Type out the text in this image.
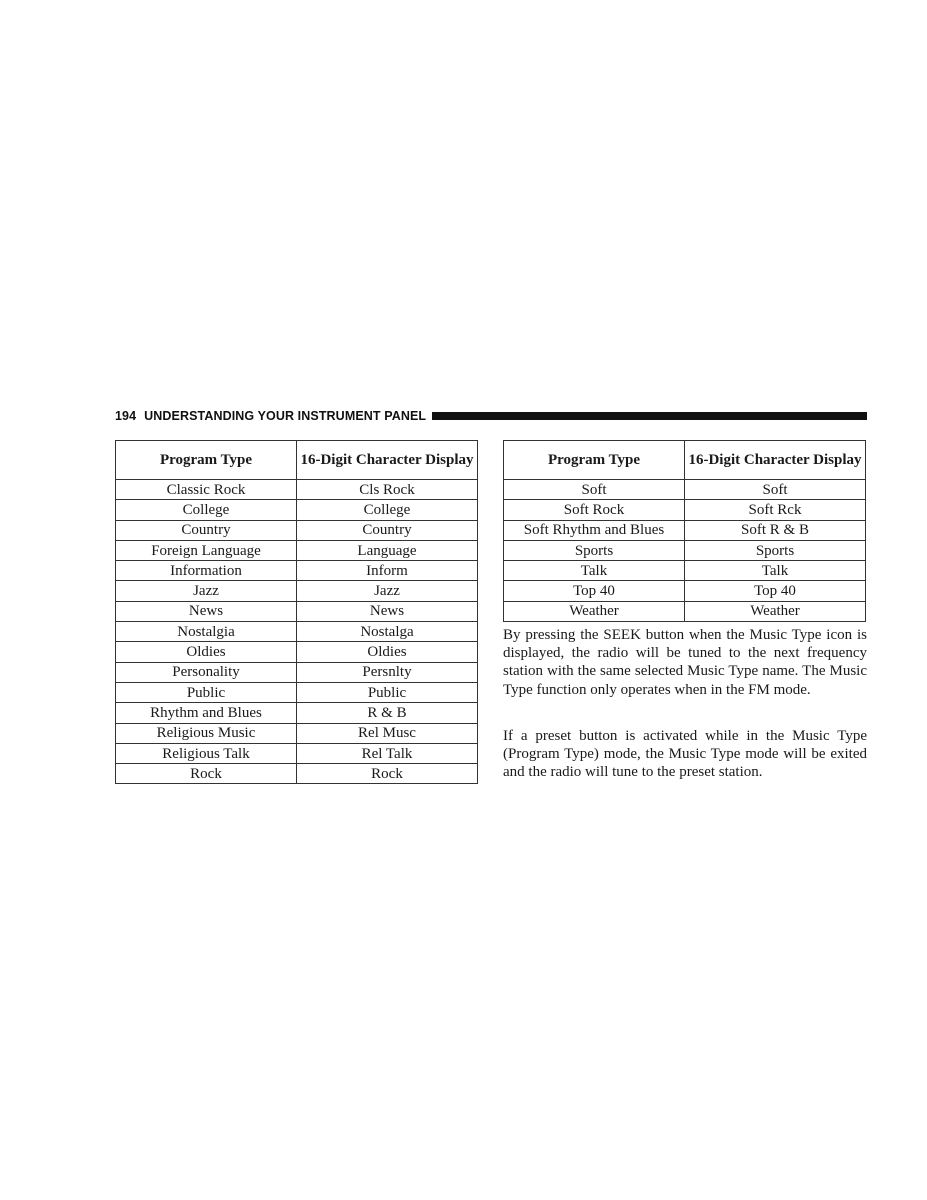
194 UNDERSTANDING YOUR INSTRUMENT PANEL
Program Type	16-Digit Character Display
Classic Rock	Cls Rock
College	College
Country	Country
Foreign Language	Language
Information	Inform
Jazz	Jazz
News	News
Nostalgia	Nostalga
Oldies	Oldies
Personality	Persnlty
Public	Public
Rhythm and Blues	R & B
Religious Music	Rel Musc
Religious Talk	Rel Talk
Rock	Rock
Program Type	16-Digit Character Display
Soft	Soft
Soft Rock	Soft Rck
Soft Rhythm and Blues	Soft R & B
Sports	Sports
Talk	Talk
Top 40	Top 40
Weather	Weather

By pressing the SEEK button when the Music Type icon is displayed, the radio will be tuned to the next frequency station with the same selected Music Type name. The Music Type function only operates when in the FM mode.

If a preset button is activated while in the Music Type (Program Type) mode, the Music Type mode will be exited and the radio will tune to the preset station.
